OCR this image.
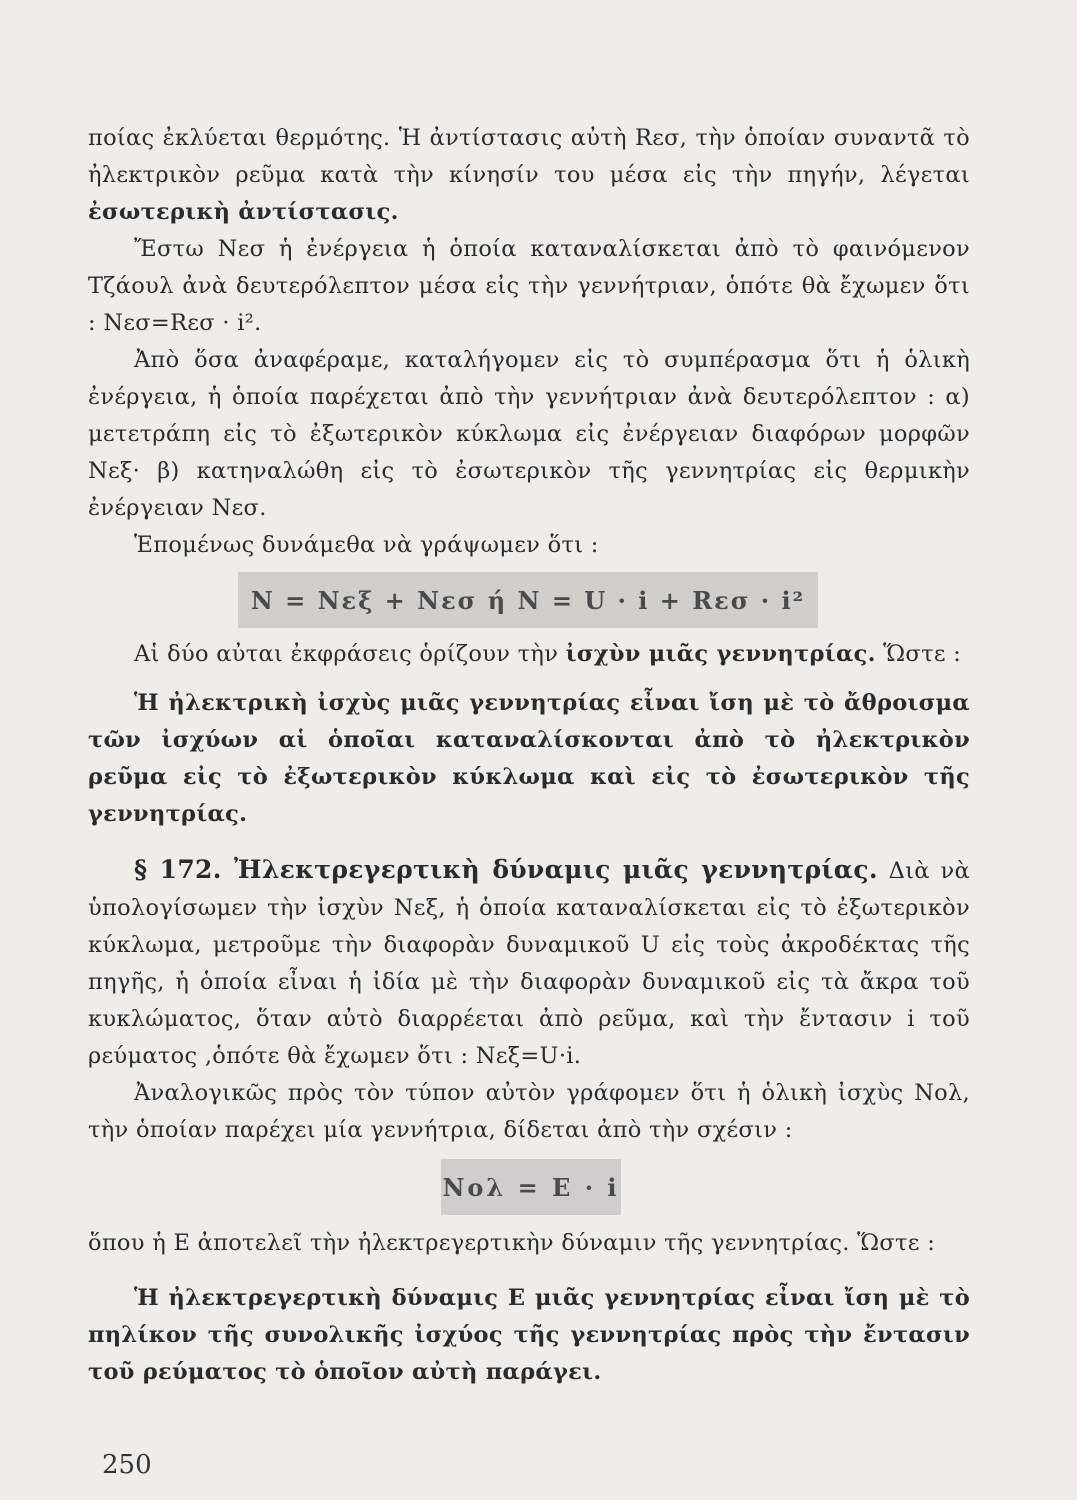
ποίας ἐκλύεται θερμότης. Ἡ ἀντίστασις αὐτὴ Rεσ, τὴν ὁποίαν συναντᾶ τὸ ἠλεκτρικὸν ρεῦμα κατὰ τὴν κίνησίν του μέσα εἰς τὴν πηγήν, λέγεται ἐσωτερικὴ ἀντίστασις.

Ἔστω Nεσ ἡ ἐνέργεια ἡ ὁποία καταναλίσκεται ἀπὸ τὸ φαινόμενον Τζάουλ ἀνὰ δευτερόλεπτον μέσα εἰς τὴν γεννήτριαν, ὁπότε θὰ ἔχωμεν ὅτι : Nεσ=Rεσ · i².

Ἀπὸ ὅσα ἀναφέραμε, καταλήγομεν εἰς τὸ συμπέρασμα ὅτι ἡ ὁλικὴ ἐνέργεια, ἡ ὁποία παρέχεται ἀπὸ τὴν γεννήτριαν ἀνὰ δευτερόλεπτον : α) μετετράπη εἰς τὸ ἐξωτερικὸν κύκλωμα εἰς ἐνέργειαν διαφόρων μορφῶν Nεξ· β) κατηναλώθη εἰς τὸ ἐσωτερικὸν τῆς γεννητρίας εἰς θερμικὴν ἐνέργειαν Nεσ.

Ἑπομένως δυνάμεθα νὰ γράψωμεν ὅτι :

N = Nεξ + Nεσ ή N = U · i + Rεσ · i²

Αἱ δύο αὐται ἐκφράσεις ὁρίζουν τὴν ἰσχὺν μιᾶς γεννητρίας. Ὥστε :

Ἡ ἠλεκτρικὴ ἰσχὺς μιᾶς γεννητρίας εἶναι ἴση μὲ τὸ ἄθροισμα τῶν ἰσχύων αἱ ὁποῖαι καταναλίσκονται ἀπὸ τὸ ἠλεκτρικὸν ρεῦμα εἰς τὸ ἐξωτερικὸν κύκλωμα καὶ εἰς τὸ ἐσωτερικὸν τῆς γεννητρίας.

§ 172. Ἠλεκτρεγερτικὴ δύναμις μιᾶς γεννητρίας. Διὰ νὰ ὑπολογίσωμεν τὴν ἰσχὺν Nεξ, ἡ ὁποία καταναλίσκεται εἰς τὸ ἐξωτερικὸν κύκλωμα, μετροῦμε τὴν διαφορὰν δυναμικοῦ U εἰς τοὺς ἀκροδέκτας τῆς πηγῆς, ἡ ὁποία εἶναι ἡ ἰδία μὲ τὴν διαφορὰν δυναμικοῦ εἰς τὰ ἄκρα τοῦ κυκλώματος, ὅταν αὐτὸ διαρρέεται ἀπὸ ρεῦμα, καὶ τὴν ἔντασιν i τοῦ ρεύματος ,ὁπότε θὰ ἔχωμεν ὅτι : Nεξ=U·i.

Ἀναλογικῶς πρὸς τὸν τύπον αὐτὸν γράφομεν ὅτι ἡ ὁλικὴ ἰσχὺς Nολ, τὴν ὁποίαν παρέχει μία γεννήτρια, δίδεται ἀπὸ τὴν σχέσιν :

Nολ = E · i

ὅπου ἡ E ἀποτελεῖ τὴν ἠλεκτρεγερτικὴν δύναμιν τῆς γεννητρίας. Ὥστε :

Ἡ ἠλεκτρεγερτικὴ δύναμις E μιᾶς γεννητρίας εἶναι ἴση μὲ τὸ πηλίκον τῆς συνολικῆς ἰσχύος τῆς γεννητρίας πρὸς τὴν ἔντασιν τοῦ ρεύματος τὸ ὁποῖον αὐτὴ παράγει.

250
